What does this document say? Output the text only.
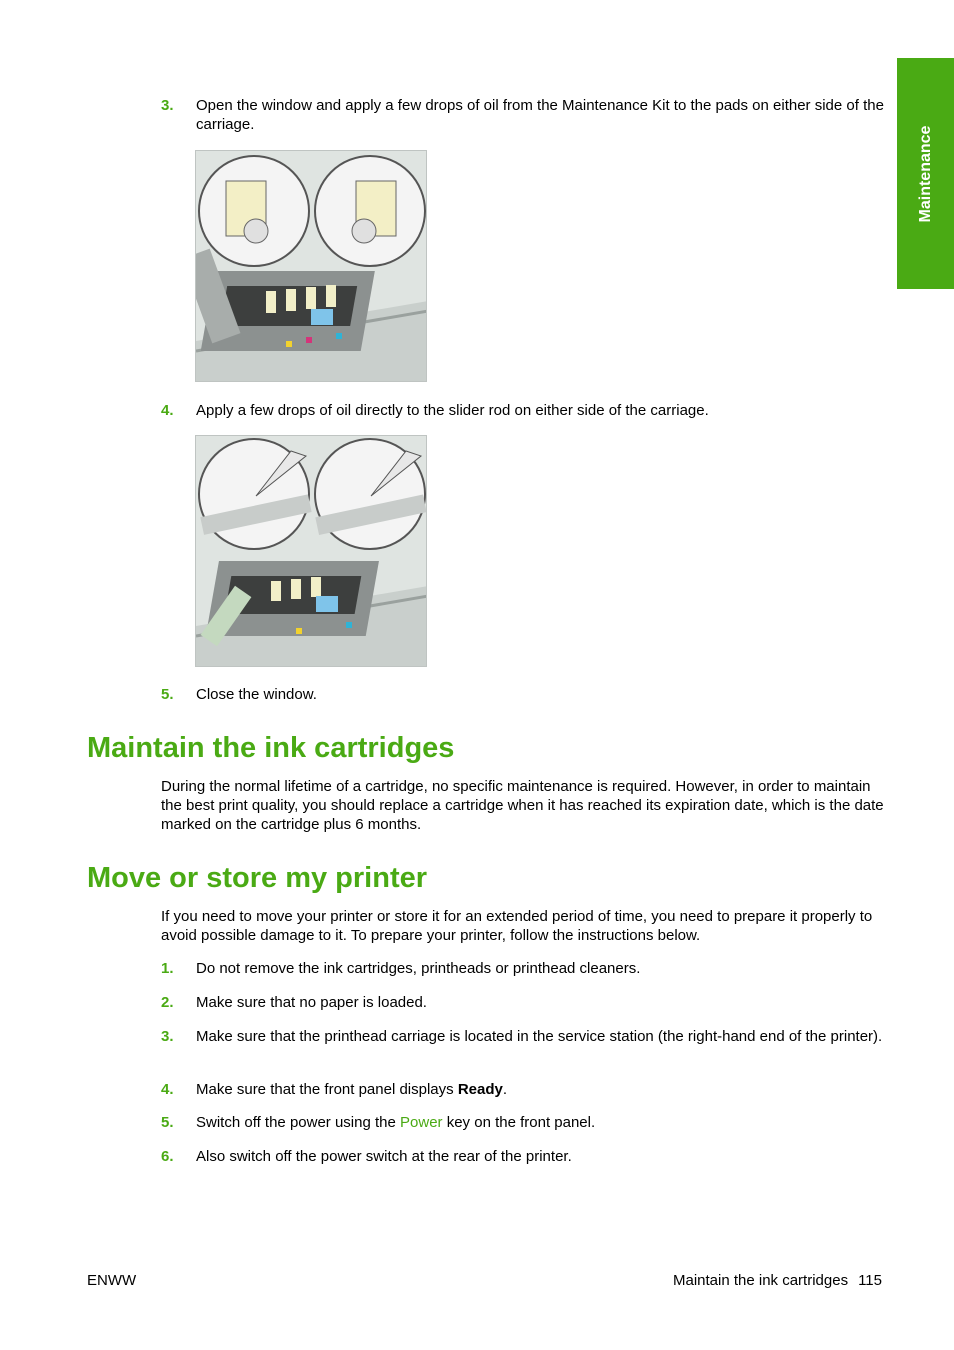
Maintenance
3. Open the window and apply a few drops of oil from the Maintenance Kit to the pads on either side of the carriage.
4. Apply a few drops of oil directly to the slider rod on either side of the carriage.
5. Close the window.
Maintain the ink cartridges

During the normal lifetime of a cartridge, no specific maintenance is required. However, in order to maintain the best print quality, you should replace a cartridge when it has reached its expiration date, which is the date marked on the cartridge plus 6 months.

Move or store my printer

If you need to move your printer or store it for an extended period of time, you need to prepare it properly to avoid possible damage to it. To prepare your printer, follow the instructions below.

1. Do not remove the ink cartridges, printheads or printhead cleaners.
2. Make sure that no paper is loaded.
3. Make sure that the printhead carriage is located in the service station (the right-hand end of the printer).
4. Make sure that the front panel displays Ready.
5. Switch off the power using the Power key on the front panel.
6. Also switch off the power switch at the rear of the printer.
ENWW	Maintain the ink cartridges 115
